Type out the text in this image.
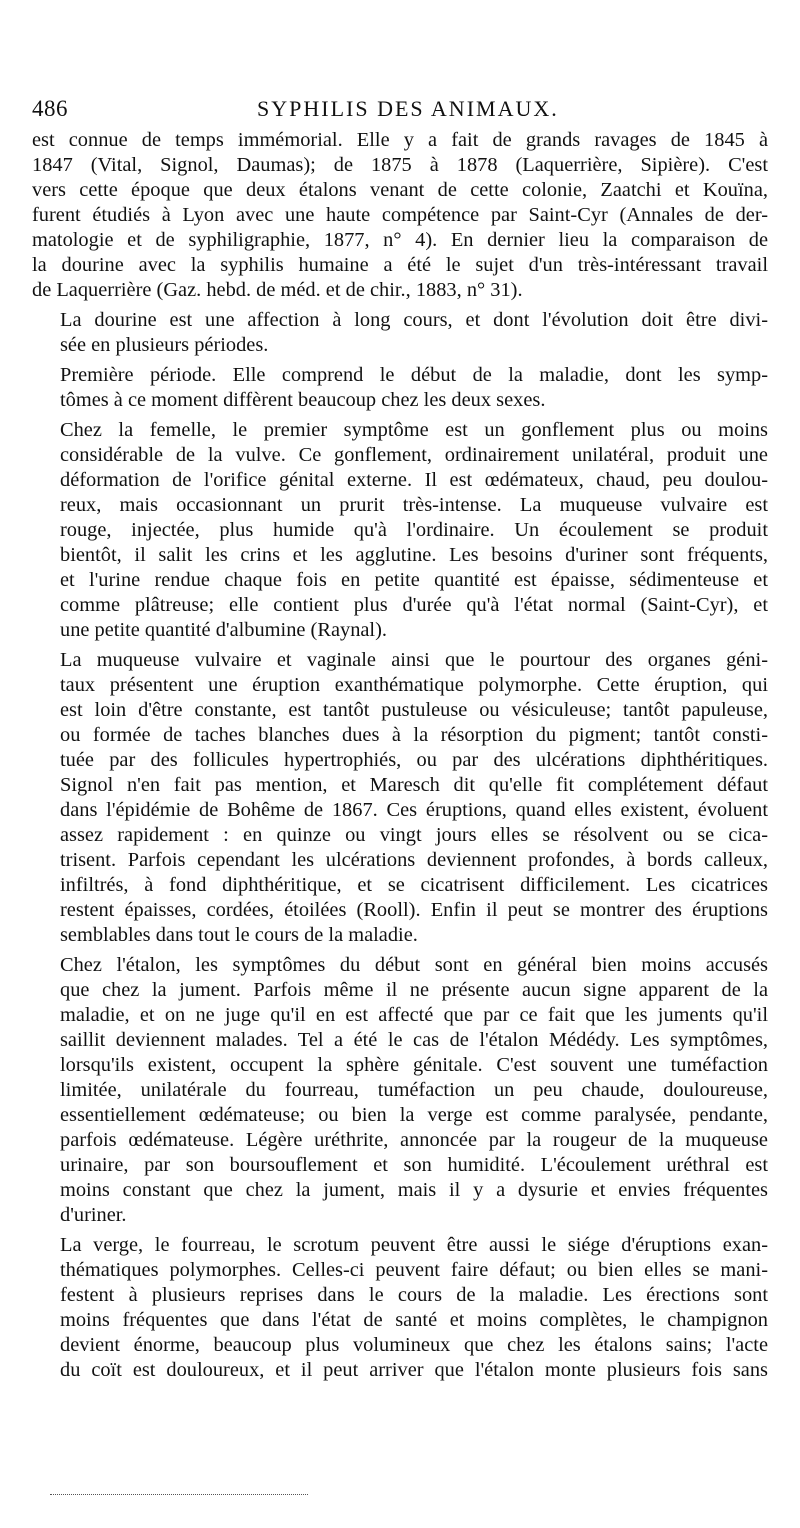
486	SYPHILIS DES ANIMAUX.

est connue de temps immémorial. Elle y a fait de grands ravages de 1845 à
1847 (Vital, Signol, Daumas); de 1875 à 1878 (Laquerrière, Sipière). C'est
vers cette époque que deux étalons venant de cette colonie, Zaatchi et Kouïna,
furent étudiés à Lyon avec une haute compétence par Saint-Cyr (Annales de der-
matologie et de syphiligraphie, 1877, n° 4). En dernier lieu la comparaison de
la dourine avec la syphilis humaine a été le sujet d'un très-intéressant travail
de Laquerrière (Gaz. hebd. de méd. et de chir., 1883, n° 31).

La dourine est une affection à long cours, et dont l'évolution doit être divi-
sée en plusieurs périodes.

Première période. Elle comprend le début de la maladie, dont les symp-
tômes à ce moment diffèrent beaucoup chez les deux sexes.

Chez la femelle, le premier symptôme est un gonflement plus ou moins
considérable de la vulve. Ce gonflement, ordinairement unilatéral, produit une
déformation de l'orifice génital externe. Il est œdémateux, chaud, peu doulou-
reux, mais occasionnant un prurit très-intense. La muqueuse vulvaire est
rouge, injectée, plus humide qu'à l'ordinaire. Un écoulement se produit
bientôt, il salit les crins et les agglutine. Les besoins d'uriner sont fréquents,
et l'urine rendue chaque fois en petite quantité est épaisse, sédimenteuse et
comme plâtreuse; elle contient plus d'urée qu'à l'état normal (Saint-Cyr), et
une petite quantité d'albumine (Raynal).

La muqueuse vulvaire et vaginale ainsi que le pourtour des organes géni-
taux présentent une éruption exanthématique polymorphe. Cette éruption, qui
est loin d'être constante, est tantôt pustuleuse ou vésiculeuse; tantôt papuleuse,
ou formée de taches blanches dues à la résorption du pigment; tantôt consti-
tuée par des follicules hypertrophiés, ou par des ulcérations diphthéritiques.
Signol n'en fait pas mention, et Maresch dit qu'elle fit complétement défaut
dans l'épidémie de Bohême de 1867. Ces éruptions, quand elles existent, évoluent
assez rapidement : en quinze ou vingt jours elles se résolvent ou se cica-
trisent. Parfois cependant les ulcérations deviennent profondes, à bords calleux,
infiltrés, à fond diphthéritique, et se cicatrisent difficilement. Les cicatrices
restent épaisses, cordées, étoilées (Rooll). Enfin il peut se montrer des éruptions
semblables dans tout le cours de la maladie.

Chez l'étalon, les symptômes du début sont en général bien moins accusés
que chez la jument. Parfois même il ne présente aucun signe apparent de la
maladie, et on ne juge qu'il en est affecté que par ce fait que les juments qu'il
saillit deviennent malades. Tel a été le cas de l'étalon Médédy. Les symptômes,
lorsqu'ils existent, occupent la sphère génitale. C'est souvent une tuméfaction
limitée, unilatérale du fourreau, tuméfaction un peu chaude, douloureuse,
essentiellement œdémateuse; ou bien la verge est comme paralysée, pendante,
parfois œdémateuse. Légère uréthrite, annoncée par la rougeur de la muqueuse
urinaire, par son boursouflement et son humidité. L'écoulement uréthral est
moins constant que chez la jument, mais il y a dysurie et envies fréquentes
d'uriner.

La verge, le fourreau, le scrotum peuvent être aussi le siége d'éruptions exan-
thématiques polymorphes. Celles-ci peuvent faire défaut; ou bien elles se mani-
festent à plusieurs reprises dans le cours de la maladie. Les érections sont
moins fréquentes que dans l'état de santé et moins complètes, le champignon
devient énorme, beaucoup plus volumineux que chez les étalons sains; l'acte
du coït est douloureux, et il peut arriver que l'étalon monte plusieurs fois sans
